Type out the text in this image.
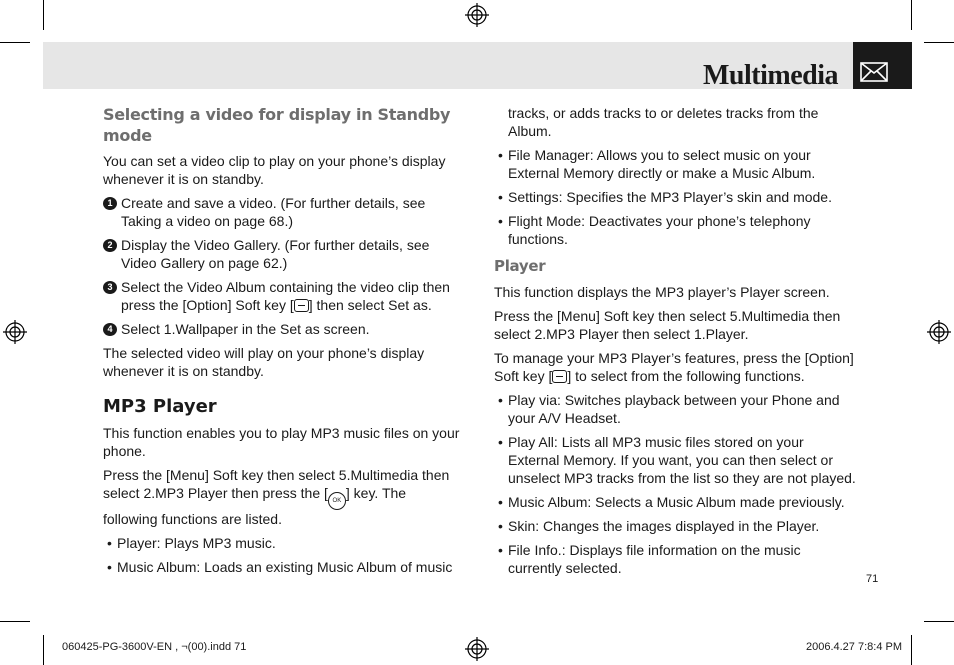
Multimedia
Selecting a video for display in Standby mode

You can set a video clip to play on your phone’s display whenever it is on standby.

1 Create and save a video. (For further details, see Taking a video on page 68.)
2 Display the Video Gallery. (For further details, see Video Gallery on page 62.)
3 Select the Video Album containing the video clip then press the [Option] Soft key [ ] then select Set as.
4 Select 1.Wallpaper in the Set as screen.

The selected video will play on your phone’s display whenever it is on standby.

MP3 Player

This function enables you to play MP3 music files on your phone.

Press the [Menu] Soft key then select 5.Multimedia then select 2.MP3 Player then press the [ OK ] key. The following functions are listed.

• Player: Plays MP3 music.
• Music Album: Loads an existing Music Album of music

tracks, or adds tracks to or deletes tracks from the Album.

• File Manager: Allows you to select music on your External Memory directly or make a Music Album.
• Settings: Specifies the MP3 Player’s skin and mode.
• Flight Mode: Deactivates your phone’s telephony functions.
Player

This function displays the MP3 player’s Player screen.

Press the [Menu] Soft key then select 5.Multimedia then select 2.MP3 Player then select 1.Player.

To manage your MP3 Player’s features, press the [Option] Soft key [ ] to select from the following functions.

• Play via: Switches playback between your Phone and your A/V Headset.
• Play All: Lists all MP3 music files stored on your External Memory. If you want, you can then select or unselect MP3 tracks from the list so they are not played.
• Music Album: Selects a Music Album made previously.
• Skin: Changes the images displayed in the Player.
• File Info.: Displays file information on the music currently selected.
71
060425-PG-3600V-EN , ¬(00).indd 71	2006.4.27 7:8:4 PM
